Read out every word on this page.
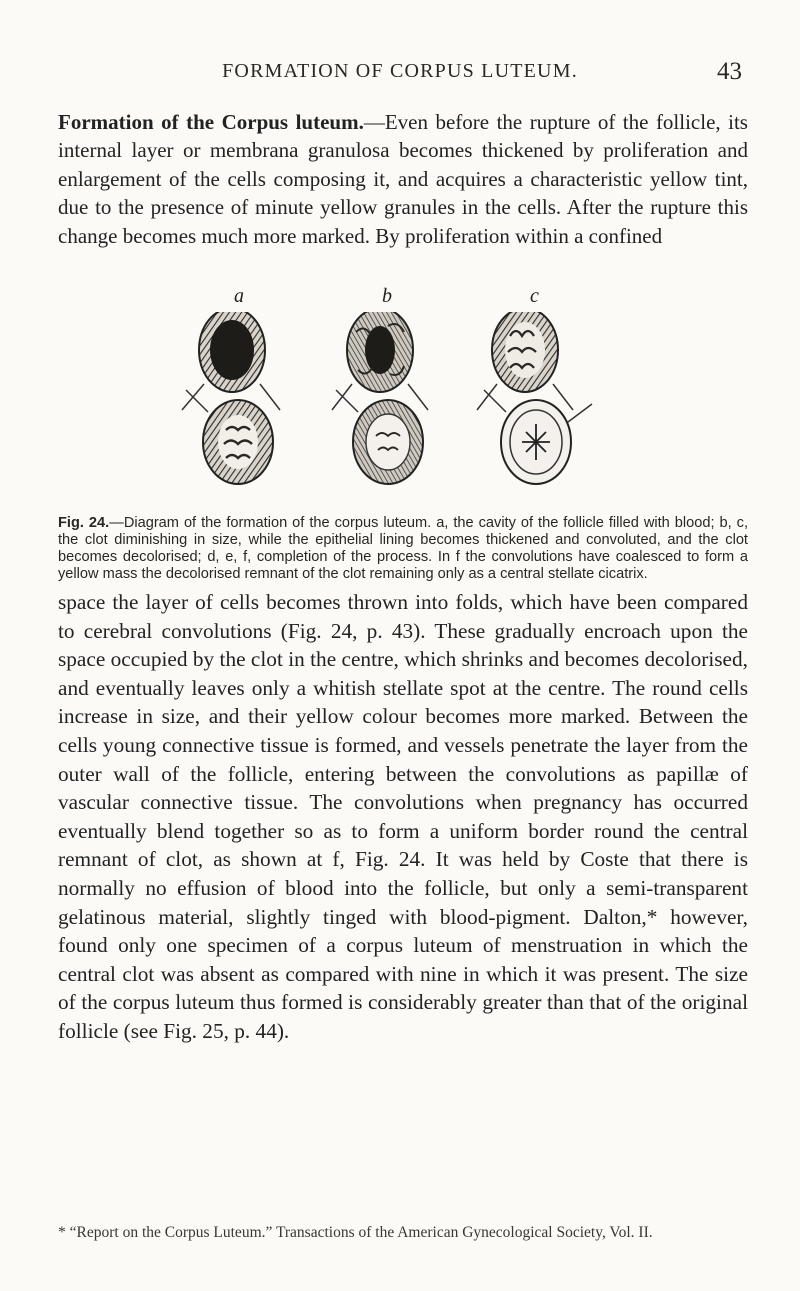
FORMATION OF CORPUS LUTEUM.	43
Formation of the Corpus luteum.—Even before the rupture of the follicle, its internal layer or membrana granulosa becomes thickened by proliferation and enlargement of the cells composing it, and acquires a characteristic yellow tint, due to the presence of minute yellow granules in the cells. After the rupture this change becomes much more marked. By proliferation within a confined
a	b	c
Fig. 24.—Diagram of the formation of the corpus luteum. a, the cavity of the follicle filled with blood; b, c, the clot diminishing in size, while the epithelial lining becomes thickened and convoluted, and the clot becomes decolorised; d, e, f, completion of the process. In f the convolutions have coalesced to form a yellow mass the decolorised remnant of the clot remaining only as a central stellate cicatrix.
space the layer of cells becomes thrown into folds, which have been compared to cerebral convolutions (Fig. 24, p. 43). These gradually encroach upon the space occupied by the clot in the centre, which shrinks and becomes decolorised, and eventually leaves only a whitish stellate spot at the centre. The round cells increase in size, and their yellow colour becomes more marked. Between the cells young connective tissue is formed, and vessels penetrate the layer from the outer wall of the follicle, entering between the convolutions as papillæ of vascular connective tissue. The convolutions when pregnancy has occurred eventually blend together so as to form a uniform border round the central remnant of clot, as shown at f, Fig. 24. It was held by Coste that there is normally no effusion of blood into the follicle, but only a semi-transparent gelatinous material, slightly tinged with blood-pigment. Dalton,* however, found only one specimen of a corpus luteum of menstruation in which the central clot was absent as compared with nine in which it was present. The size of the corpus luteum thus formed is considerably greater than that of the original follicle (see Fig. 25, p. 44).
* “Report on the Corpus Luteum.” Transactions of the American Gynecological Society, Vol. II.
